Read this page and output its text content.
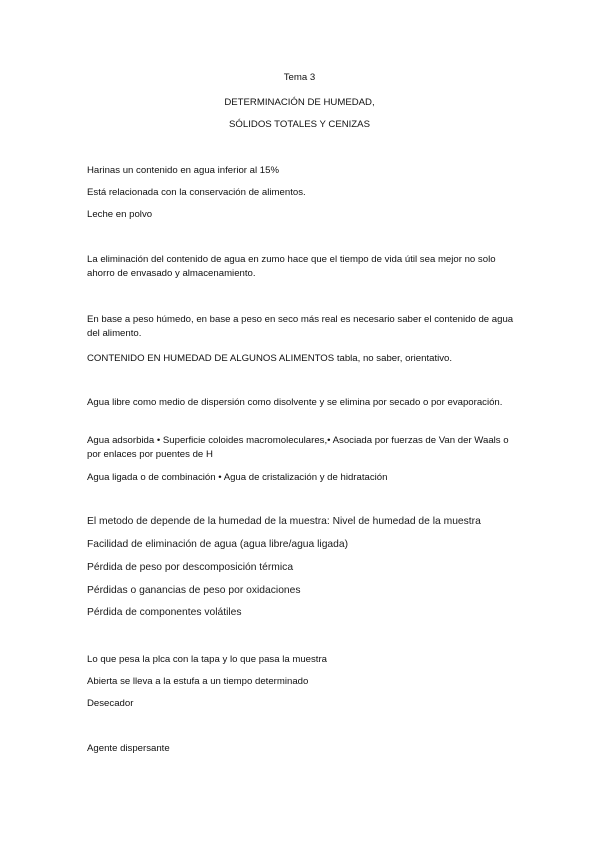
Tema 3
DETERMINACIÓN DE HUMEDAD,
SÓLIDOS TOTALES Y CENIZAS
Harinas un contenido en agua inferior al 15%
Está relacionada con la conservación de alimentos.
Leche en polvo
La eliminación del contenido de agua en zumo hace que el tiempo de vida útil sea mejor no solo ahorro de envasado y almacenamiento.
En base a peso húmedo, en base a peso en seco más real es necesario saber el contenido de agua del alimento.
CONTENIDO EN HUMEDAD DE ALGUNOS ALIMENTOS tabla, no saber, orientativo.
Agua libre como medio de dispersión como disolvente y se elimina por secado o por evaporación.
Agua adsorbida • Superficie coloides macromoleculares,• Asociada por fuerzas de Van der Waals o por enlaces por puentes de H
Agua ligada o de combinación • Agua de cristalización y de hidratación
El metodo de depende de la humedad de la muestra: Nivel de humedad de la muestra
Facilidad de eliminación de agua (agua libre/agua ligada)
Pérdida de peso por descomposición térmica
Pérdidas o ganancias de peso por oxidaciones
Pérdida de componentes volátiles
Lo que pesa la plca con la tapa y lo que pasa la muestra
Abierta se lleva a la estufa a un tiempo determinado
Desecador
Agente dispersante
